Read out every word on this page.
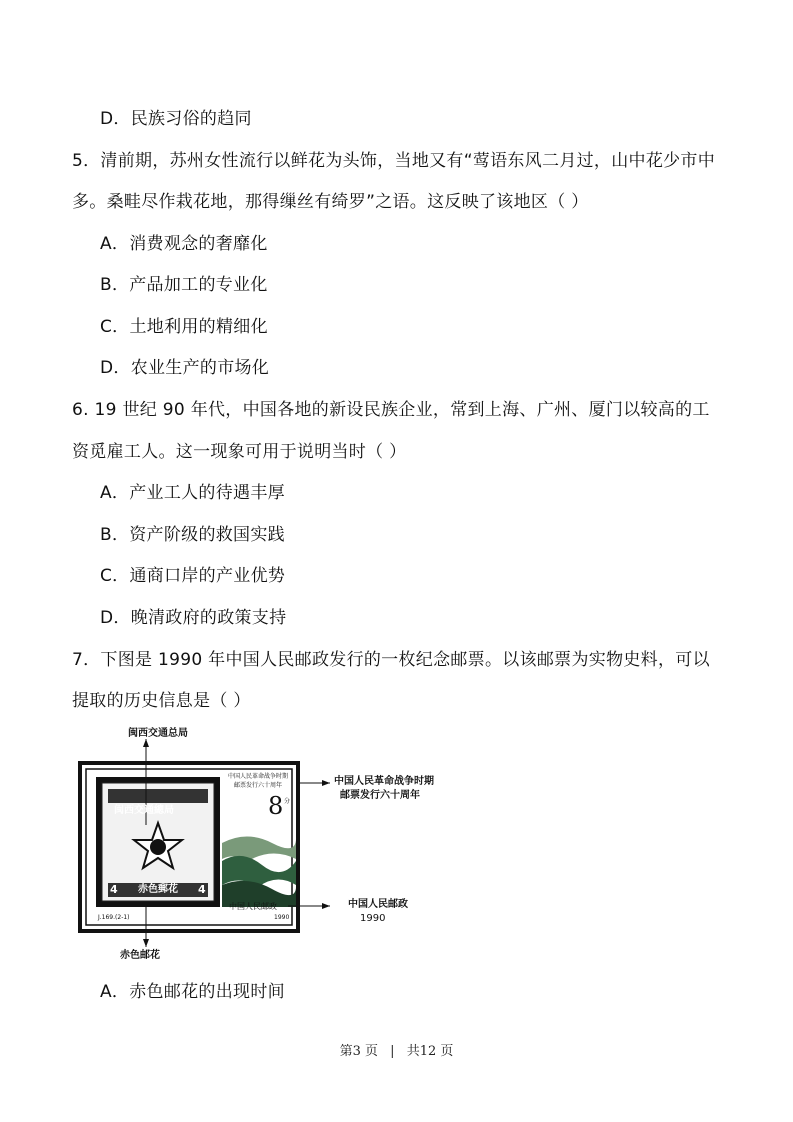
D．民族习俗的趋同
5．清前期，苏州女性流行以鲜花为头饰，当地又有“莺语东风二月过，山中花少市中
多。桑畦尽作栽花地，那得缫丝有绮罗”之语。这反映了该地区（ ）
A．消费观念的奢靡化
B．产品加工的专业化
C．土地利用的精细化
D．农业生产的市场化
6. 19 世纪 90 年代，中国各地的新设民族企业，常到上海、广州、厦门以较高的工
资觅雇工人。这一现象可用于说明当时（ ）
A．产业工人的待遇丰厚
B．资产阶级的救国实践
C．通商口岸的产业优势
D．晚清政府的政策支持
7．下图是 1990 年中国人民邮政发行的一枚纪念邮票。以该邮票为实物史料，可以
提取的历史信息是（ ）
闽西交通总局
中国人民革命战争时期
邮票发行六十周年
中国人民邮政
1990
赤色邮花
中国人民革命战争时期
邮票发行六十周年
8 分
中国人民邮政
1990
J.169.(2-1)
闽西交通總局
赤色郵花
4	4
A．赤色邮花的出现时间
第3 页 | 共12 页
